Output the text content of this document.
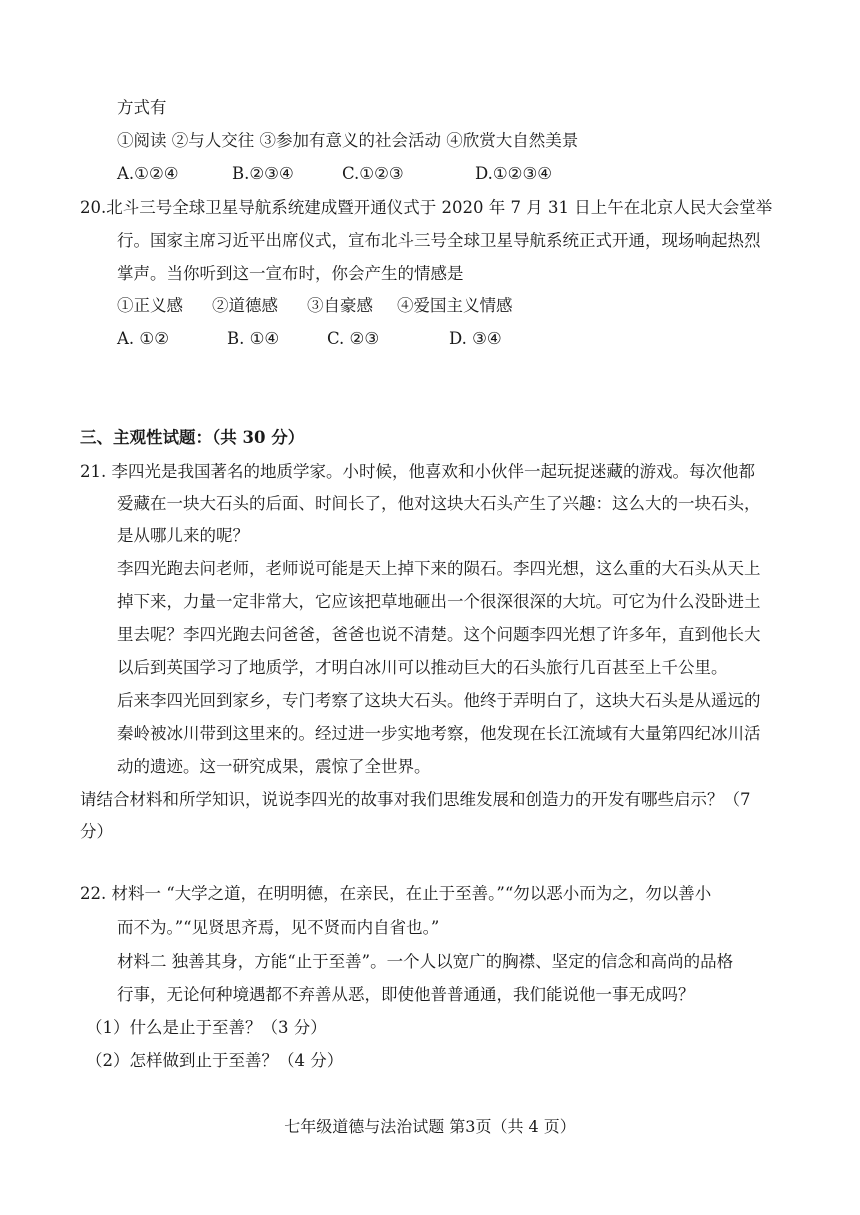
方式有
①阅读 ②与人交往 ③参加有意义的社会活动 ④欣赏大自然美景
A.①②④	B.②③④	C.①②③	D.①②③④
20.北斗三号全球卫星导航系统建成暨开通仪式于 2020 年 7 月 31 日上午在北京人民大会堂举
行。国家主席习近平出席仪式，宣布北斗三号全球卫星导航系统正式开通，现场响起热烈
掌声。当你听到这一宣布时，你会产生的情感是
①正义感 ②道德感 ③自豪感 ④爱国主义情感
A. ①②	B. ①④	C. ②③	D. ③④
三、主观性试题：（共 30 分）
21. 李四光是我国著名的地质学家。小时候，他喜欢和小伙伴一起玩捉迷藏的游戏。每次他都
爱藏在一块大石头的后面、时间长了，他对这块大石头产生了兴趣：这么大的一块石头，
是从哪儿来的呢？
李四光跑去问老师，老师说可能是天上掉下来的陨石。李四光想，这么重的大石头从天上
掉下来，力量一定非常大，它应该把草地砸出一个很深很深的大坑。可它为什么没卧进土
里去呢？李四光跑去问爸爸，爸爸也说不清楚。这个问题李四光想了许多年，直到他长大
以后到英国学习了地质学，才明白冰川可以推动巨大的石头旅行几百甚至上千公里。
后来李四光回到家乡，专门考察了这块大石头。他终于弄明白了，这块大石头是从遥远的
秦岭被冰川带到这里来的。经过进一步实地考察，他发现在长江流域有大量第四纪冰川活
动的遗迹。这一研究成果，震惊了全世界。
请结合材料和所学知识，说说李四光的故事对我们思维发展和创造力的开发有哪些启示？（7
分）
22. 材料一 “大学之道，在明明德，在亲民，在止于至善。”“勿以恶小而为之，勿以善小
而不为。”“见贤思齐焉，见不贤而内自省也。”
材料二 独善其身，方能“止于至善”。一个人以宽广的胸襟、坚定的信念和高尚的品格
行事，无论何种境遇都不弃善从恶，即使他普普通通，我们能说他一事无成吗？
（1）什么是止于至善？（3 分）
（2）怎样做到止于至善？（4 分）
七年级道德与法治试题 第3页（共 4 页）
